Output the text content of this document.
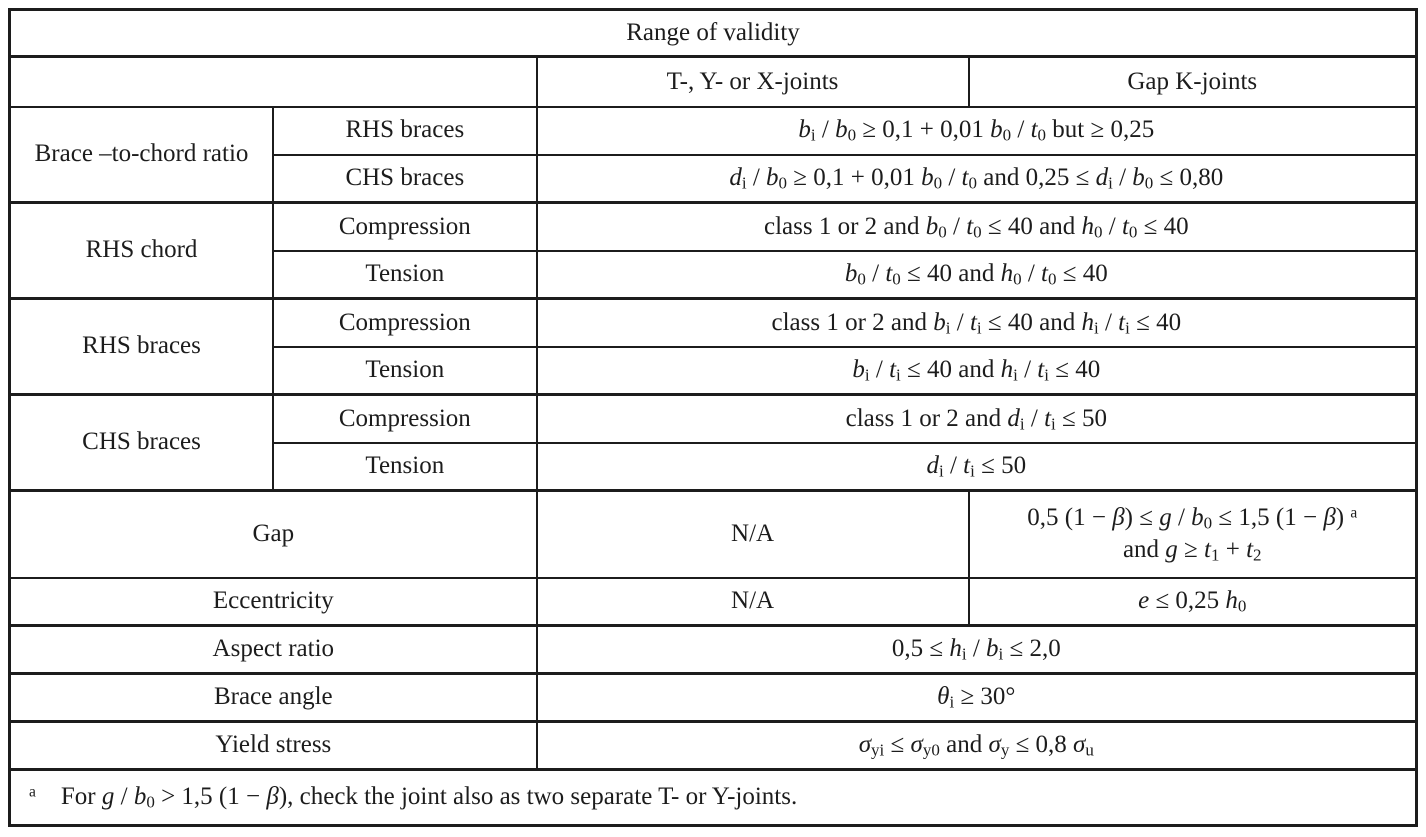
Range of validity			
		T-, Y- or X-joints	Gap K-joints
Brace –to-chord ratio	RHS braces	$b_i / b_0 \ge 0,1 + 0,01$ $b_0 / t_0$ but ≥ 0,25	
	CHS braces	$d_i / b_0 \ge 0,1 + 0,01$ $b_0 / t_0$ and $0,25 \le d_i / b_0 \le 0,80$	
RHS chord	Compression	class 1 or 2 and $b_0 / t_0 \le 40$ and $h_0 / t_0 \le 40$	
	Tension	$b_0 / t_0 \le 40$ and $h_0 / t_0 \le 40$	
RHS braces	Compression	class 1 or 2 and $b_i / t_i \le 40$ and $h_i / t_i \le 40$	
	Tension	$b_i / t_i \le 40$ and $h_i / t_i \le 40$	
CHS braces	Compression	class 1 or 2 and $d_i / t_i \le 50$	
	Tension	$d_i / t_i \le 50$	
Gap		N/A	0,5 $(1 - \beta) \le g / b_0 \le 1,5$ (1 − β) $^a$
and $g \ge t_1 + t_2$

Eccentricity		N/A	e ≤ 0,25 $h_0$
Aspect ratio		$0,5 \le h_i / b_i \le 2,0$	
Brace angle		$\theta_i \ge 30^\circ$	
Yield stress		$\sigma_{yi} \le \sigma_{y0}$ and $\sigma_y \le 0,8$ $\sigma_u$
$^a$    For $g / b_0 > 1,5$ (1 − β), check the joint also as two separate T- or Y-joints.			
